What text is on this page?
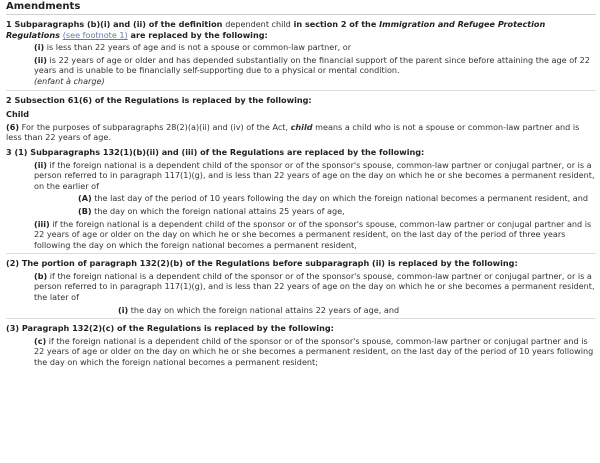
Amendments
1 Subparagraphs (b)(i) and (ii) of the definition dependent child in section 2 of the Immigration and Refugee Protection Regulations (see footnote 1) are replaced by the following:
(i) is less than 22 years of age and is not a spouse or common-law partner, or
(ii) is 22 years of age or older and has depended substantially on the financial support of the parent since before attaining the age of 22 years and is unable to be financially self-supporting due to a physical or mental condition.
(enfant à charge)
2 Subsection 61(6) of the Regulations is replaced by the following:
Child
(6) For the purposes of subparagraphs 28(2)(a)(ii) and (iv) of the Act, child means a child who is not a spouse or common-law partner and is less than 22 years of age.
3 (1) Subparagraphs 132(1)(b)(ii) and (iii) of the Regulations are replaced by the following:
(ii) if the foreign national is a dependent child of the sponsor or of the sponsor's spouse, common-law partner or conjugal partner, or is a person referred to in paragraph 117(1)(g), and is less than 22 years of age on the day on which he or she becomes a permanent resident, on the earlier of
(A) the last day of the period of 10 years following the day on which the foreign national becomes a permanent resident, and
(B) the day on which the foreign national attains 25 years of age,
(iii) if the foreign national is a dependent child of the sponsor or of the sponsor's spouse, common-law partner or conjugal partner and is 22 years of age or older on the day on which he or she becomes a permanent resident, on the last day of the period of three years following the day on which the foreign national becomes a permanent resident,
(2) The portion of paragraph 132(2)(b) of the Regulations before subparagraph (ii) is replaced by the following:
(b) if the foreign national is a dependent child of the sponsor or of the sponsor's spouse, common-law partner or conjugal partner, or is a person referred to in paragraph 117(1)(g), and is less than 22 years of age on the day on which he or she becomes a permanent resident, the later of
(i) the day on which the foreign national attains 22 years of age, and
(3) Paragraph 132(2)(c) of the Regulations is replaced by the following:
(c) if the foreign national is a dependent child of the sponsor or of the sponsor's spouse, common-law partner or conjugal partner and is 22 years of age or older on the day on which he or she becomes a permanent resident, on the last day of the period of 10 years following the day on which the foreign national becomes a permanent resident;
